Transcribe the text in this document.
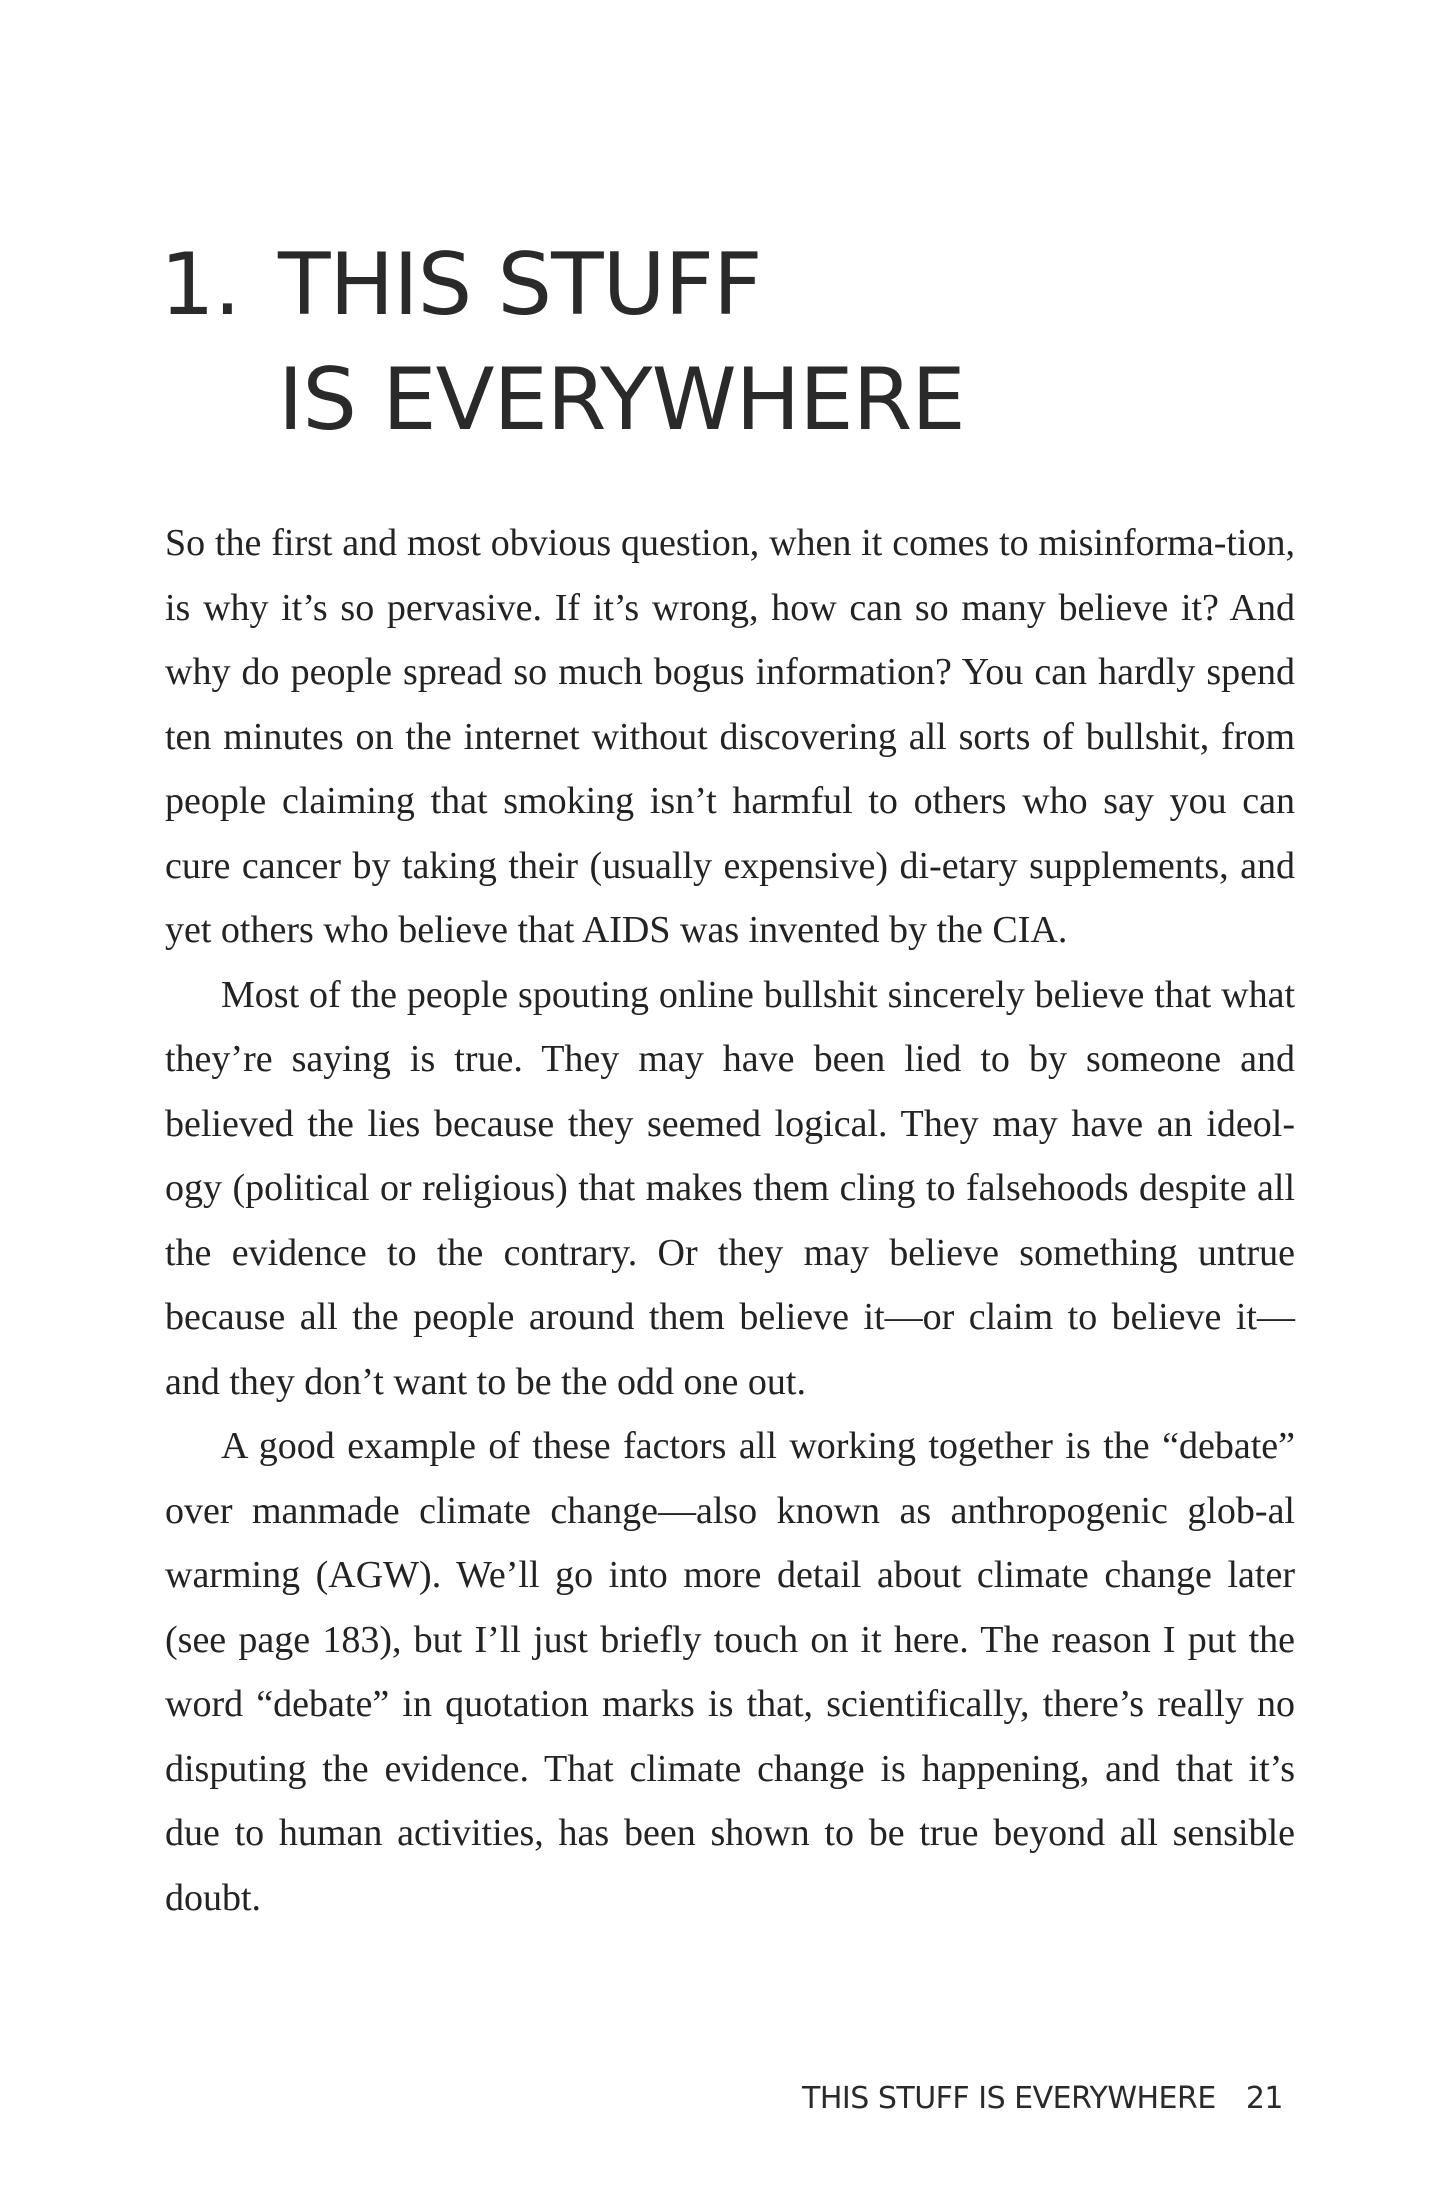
1. THIS STUFF
IS EVERYWHERE

So the first and most obvious question, when it comes to misinforma-tion, is why it’s so pervasive. If it’s wrong, how can so many believe it? And why do people spread so much bogus information? You can hardly spend ten minutes on the internet without discovering all sorts of bullshit, from people claiming that smoking isn’t harmful to others who say you can cure cancer by taking their (usually expensive) di-etary supplements, and yet others who believe that AIDS was invented by the CIA.

Most of the people spouting online bullshit sincerely believe that what they’re saying is true. They may have been lied to by someone and believed the lies because they seemed logical. They may have an ideol-ogy (political or religious) that makes them cling to falsehoods despite all the evidence to the contrary. Or they may believe something untrue because all the people around them believe it—or claim to believe it—and they don’t want to be the odd one out.

A good example of these factors all working together is the “debate” over manmade climate change—also known as anthropogenic glob-al warming (AGW). We’ll go into more detail about climate change later (see page 183), but I’ll just briefly touch on it here. The reason I put the word “debate” in quotation marks is that, scientifically, there’s really no disputing the evidence. That climate change is happening, and that it’s due to human activities, has been shown to be true beyond all sensible doubt.

THIS STUFF IS EVERYWHERE 21
